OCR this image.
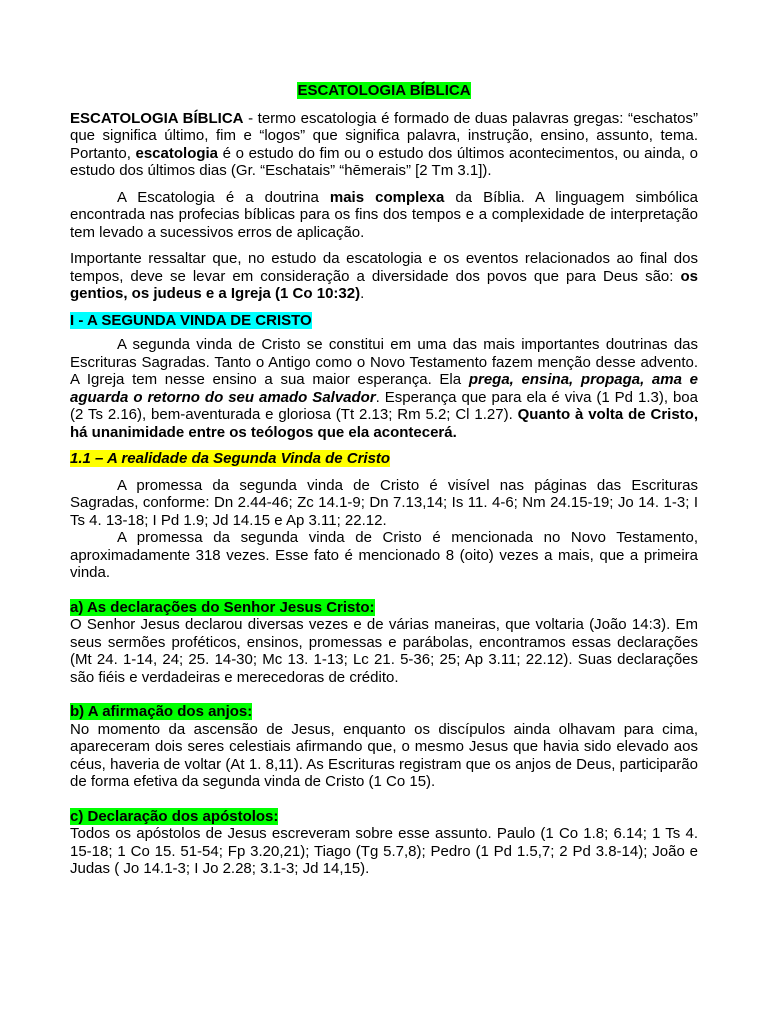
ESCATOLOGIA BÍBLICA

ESCATOLOGIA BÍBLICA - termo escatologia é formado de duas palavras gregas: “eschatos” que significa último, fim e “logos” que significa palavra, instrução, ensino, assunto, tema. Portanto, escatologia é o estudo do fim ou o estudo dos últimos acontecimentos, ou ainda, o estudo dos últimos dias (Gr. “Eschatais” “hēmerais” [2 Tm 3.1]).

A Escatologia é a doutrina mais complexa da Bíblia. A linguagem simbólica encontrada nas profecias bíblicas para os fins dos tempos e a complexidade de interpretação tem levado a sucessivos erros de aplicação.

Importante ressaltar que, no estudo da escatologia e os eventos relacionados ao final dos tempos, deve se levar em consideração a diversidade dos povos que para Deus são: os gentios, os judeus e a Igreja (1 Co 10:32).

I - A SEGUNDA VINDA DE CRISTO

A segunda vinda de Cristo se constitui em uma das mais importantes doutrinas das Escrituras Sagradas. Tanto o Antigo como o Novo Testamento fazem menção desse advento. A Igreja tem nesse ensino a sua maior esperança. Ela prega, ensina, propaga, ama e aguarda o retorno do seu amado Salvador. Esperança que para ela é viva (1 Pd 1.3), boa (2 Ts 2.16), bem-aventurada e gloriosa (Tt 2.13; Rm 5.2; Cl 1.27). Quanto à volta de Cristo, há unanimidade entre os teólogos que ela acontecerá.

1.1 – A realidade da Segunda Vinda de Cristo

A promessa da segunda vinda de Cristo é visível nas páginas das Escrituras Sagradas, conforme: Dn 2.44-46; Zc 14.1-9; Dn 7.13,14; Is 11. 4-6; Nm 24.15-19; Jo 14. 1-3; I Ts 4. 13-18; I Pd 1.9; Jd 14.15 e Ap 3.11; 22.12.

A promessa da segunda vinda de Cristo é mencionada no Novo Testamento, aproximadamente 318 vezes. Esse fato é mencionado 8 (oito) vezes a mais, que a primeira vinda.

a) As declarações do Senhor Jesus Cristo:

O Senhor Jesus declarou diversas vezes e de várias maneiras, que voltaria (João 14:3). Em seus sermões proféticos, ensinos, promessas e parábolas, encontramos essas declarações (Mt 24. 1-14, 24; 25. 14-30; Mc 13. 1-13; Lc 21. 5-36; 25; Ap 3.11; 22.12). Suas declarações são fiéis e verdadeiras e merecedoras de crédito.

b) A afirmação dos anjos:

No momento da ascensão de Jesus, enquanto os discípulos ainda olhavam para cima, apareceram dois seres celestiais afirmando que, o mesmo Jesus que havia sido elevado aos céus, haveria de voltar (At 1. 8,11). As Escrituras registram que os anjos de Deus, participarão de forma efetiva da segunda vinda de Cristo (1 Co 15).

c) Declaração dos apóstolos:

Todos os apóstolos de Jesus escreveram sobre esse assunto. Paulo (1 Co 1.8; 6.14; 1 Ts 4. 15-18; 1 Co 15. 51-54; Fp 3.20,21); Tiago (Tg 5.7,8); Pedro (1 Pd 1.5,7; 2 Pd 3.8-14); João e Judas ( Jo 14.1-3; I Jo 2.28; 3.1-3; Jd 14,15).
